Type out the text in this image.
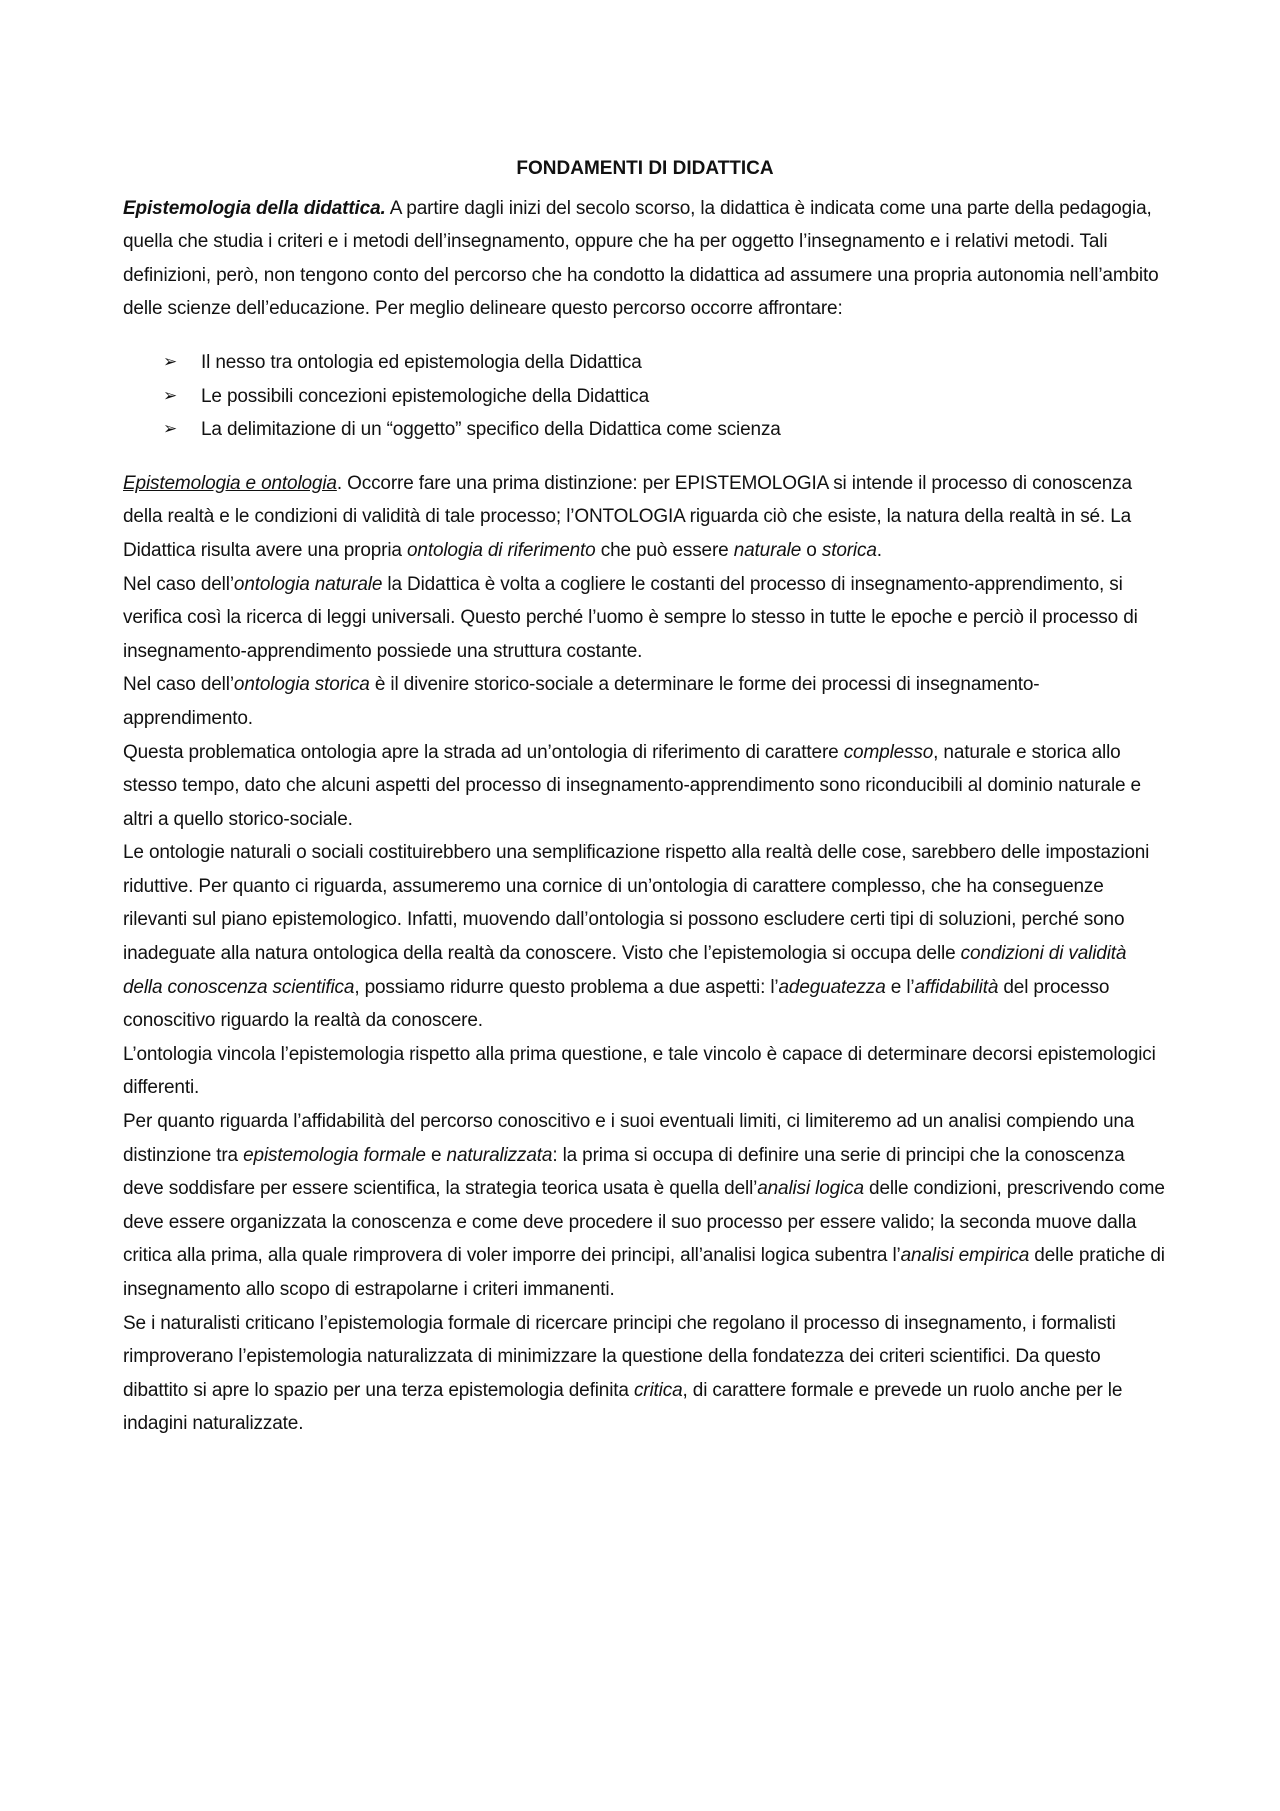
FONDAMENTI DI DIDATTICA

Epistemologia della didattica. A partire dagli inizi del secolo scorso, la didattica è indicata come una parte della pedagogia, quella che studia i criteri e i metodi dell’insegnamento, oppure che ha per oggetto l’insegnamento e i relativi metodi. Tali definizioni, però, non tengono conto del percorso che ha condotto la didattica ad assumere una propria autonomia nell’ambito delle scienze dell’educazione. Per meglio delineare questo percorso occorre affrontare:

➢ Il nesso tra ontologia ed epistemologia della Didattica
➢ Le possibili concezioni epistemologiche della Didattica
➢ La delimitazione di un “oggetto” specifico della Didattica come scienza

Epistemologia e ontologia. Occorre fare una prima distinzione: per EPISTEMOLOGIA si intende il processo di conoscenza della realtà e le condizioni di validità di tale processo; l’ONTOLOGIA riguarda ciò che esiste, la natura della realtà in sé. La Didattica risulta avere una propria ontologia di riferimento che può essere naturale o storica.

Nel caso dell’ontologia naturale la Didattica è volta a cogliere le costanti del processo di insegnamento-apprendimento, si verifica così la ricerca di leggi universali. Questo perché l’uomo è sempre lo stesso in tutte le epoche e perciò il processo di insegnamento-apprendimento possiede una struttura costante.

Nel caso dell’ontologia storica è il divenire storico-sociale a determinare le forme dei processi di insegnamento-apprendimento.

Questa problematica ontologia apre la strada ad un’ontologia di riferimento di carattere complesso, naturale e storica allo stesso tempo, dato che alcuni aspetti del processo di insegnamento-apprendimento sono riconducibili al dominio naturale e altri a quello storico-sociale.

Le ontologie naturali o sociali costituirebbero una semplificazione rispetto alla realtà delle cose, sarebbero delle impostazioni riduttive. Per quanto ci riguarda, assumeremo una cornice di un’ontologia di carattere complesso, che ha conseguenze rilevanti sul piano epistemologico. Infatti, muovendo dall’ontologia si possono escludere certi tipi di soluzioni, perché sono inadeguate alla natura ontologica della realtà da conoscere. Visto che l’epistemologia si occupa delle condizioni di validità della conoscenza scientifica, possiamo ridurre questo problema a due aspetti: l’adeguatezza e l’affidabilità del processo conoscitivo riguardo la realtà da conoscere.

L’ontologia vincola l’epistemologia rispetto alla prima questione, e tale vincolo è capace di determinare decorsi epistemologici differenti.

Per quanto riguarda l’affidabilità del percorso conoscitivo e i suoi eventuali limiti, ci limiteremo ad un analisi compiendo una distinzione tra epistemologia formale e naturalizzata: la prima si occupa di definire una serie di principi che la conoscenza deve soddisfare per essere scientifica, la strategia teorica usata è quella dell’analisi logica delle condizioni, prescrivendo come deve essere organizzata la conoscenza e come deve procedere il suo processo per essere valido; la seconda muove dalla critica alla prima, alla quale rimprovera di voler imporre dei principi, all’analisi logica subentra l’analisi empirica delle pratiche di insegnamento allo scopo di estrapolarne i criteri immanenti.

Se i naturalisti criticano l’epistemologia formale di ricercare principi che regolano il processo di insegnamento, i formalisti rimproverano l’epistemologia naturalizzata di minimizzare la questione della fondatezza dei criteri scientifici. Da questo dibattito si apre lo spazio per una terza epistemologia definita critica, di carattere formale e prevede un ruolo anche per le indagini naturalizzate.
